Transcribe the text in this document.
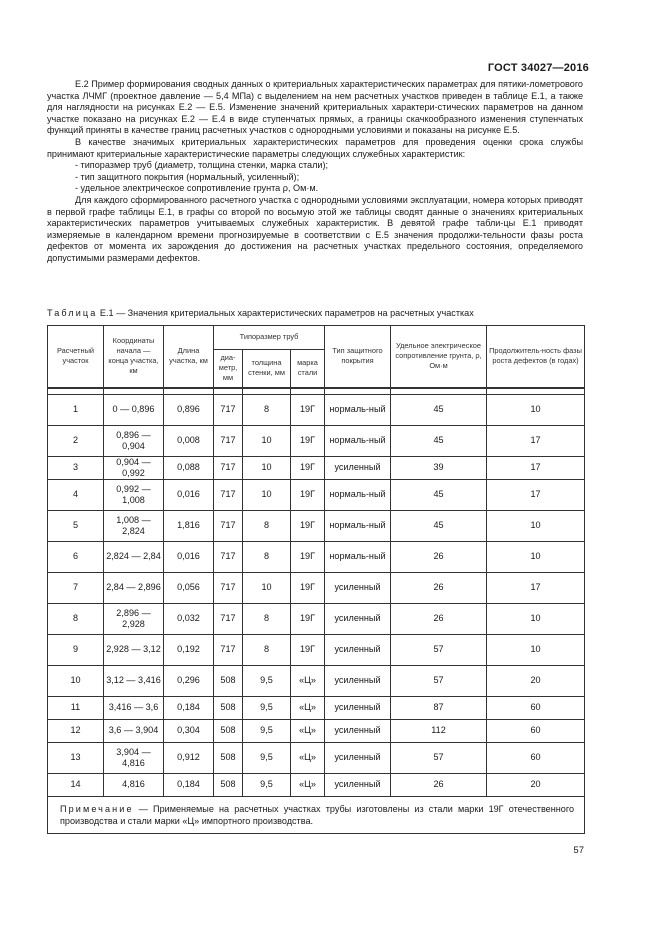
ГОСТ 34027—2016

Е.2 Пример формирования сводных данных о критериальных характеристических параметрах для пятики-лометрового участка ЛЧМГ (проектное давление — 5,4 МПа) с выделением на нем расчетных участков приведен в таблице Е.1, а также для наглядности на рисунках Е.2 — Е.5. Изменение значений критериальных характери-стических параметров на данном участке показано на рисунках Е.2 — Е.4 в виде ступенчатых прямых, а границы скачкообразного изменения ступенчатых функций приняты в качестве границ расчетных участков с однородными условиями и показаны на рисунке Е.5.

В качестве значимых критериальных характеристических параметров для проведения оценки срока службы принимают критериальные характеристические параметры следующих служебных характеристик:

- типоразмер труб (диаметр, толщина стенки, марка стали);

- тип защитного покрытия (нормальный, усиленный);

- удельное электрическое сопротивление грунта ρ, Ом·м.

Для каждого сформированного расчетного участка с однородными условиями эксплуатации, номера которых приводят в первой графе таблицы Е.1, в графы со второй по восьмую этой же таблицы сводят данные о значениях критериальных характеристических параметров учитываемых служебных характеристик. В девятой графе табли-цы Е.1 приводят измеряемые в календарном времени прогнозируемые в соответствии с Е.5 значения продолжи-тельности фазы роста дефектов от момента их зарождения до достижения на расчетных участках предельного состояния, определяемого допустимыми размерами дефектов.

Таблица Е.1 — Значения критериальных характеристических параметров на расчетных участках
Расчетный участок	Координаты начала — конца участка, км	Длина участка, км	Типоразмер труб			Тип защитного покрытия	Удельное электрическое сопротивление грунта, ρ, Ом·м	Продолжитель-ность фазы роста дефектов (в годах)
			диа-метр, мм	толщина стенки, мм	марка стали			

1	0 — 0,896	0,896	717	8	19Г	нормаль-ный	45	10
2	0,896 — 0,904	0,008	717	10	19Г	нормаль-ный	45	17
3	0,904 — 0,992	0,088	717	10	19Г	усиленный	39	17
4	0,992 — 1,008	0,016	717	10	19Г	нормаль-ный	45	17
5	1,008 — 2,824	1,816	717	8	19Г	нормаль-ный	45	10
6	2,824 — 2,84	0,016	717	8	19Г	нормаль-ный	26	10
7	2,84 — 2,896	0,056	717	10	19Г	усиленный	26	17
8	2,896 — 2,928	0,032	717	8	19Г	усиленный	26	10
9	2,928 — 3,12	0,192	717	8	19Г	усиленный	57	10
10	3,12 — 3,416	0,296	508	9,5	«Ц»	усиленный	57	20
11	3,416 — 3,6	0,184	508	9,5	«Ц»	усиленный	87	60
12	3,6 — 3,904	0,304	508	9,5	«Ц»	усиленный	112	60
13	3,904 — 4,816	0,912	508	9,5	«Ц»	усиленный	57	60
14	4,816	0,184	508	9,5	«Ц»	усиленный	26	20
Примечание — Применяемые на расчетных участках трубы изготовлены из стали марки 19Г отечественного производства и стали марки «Ц» импортного производства.								
57
